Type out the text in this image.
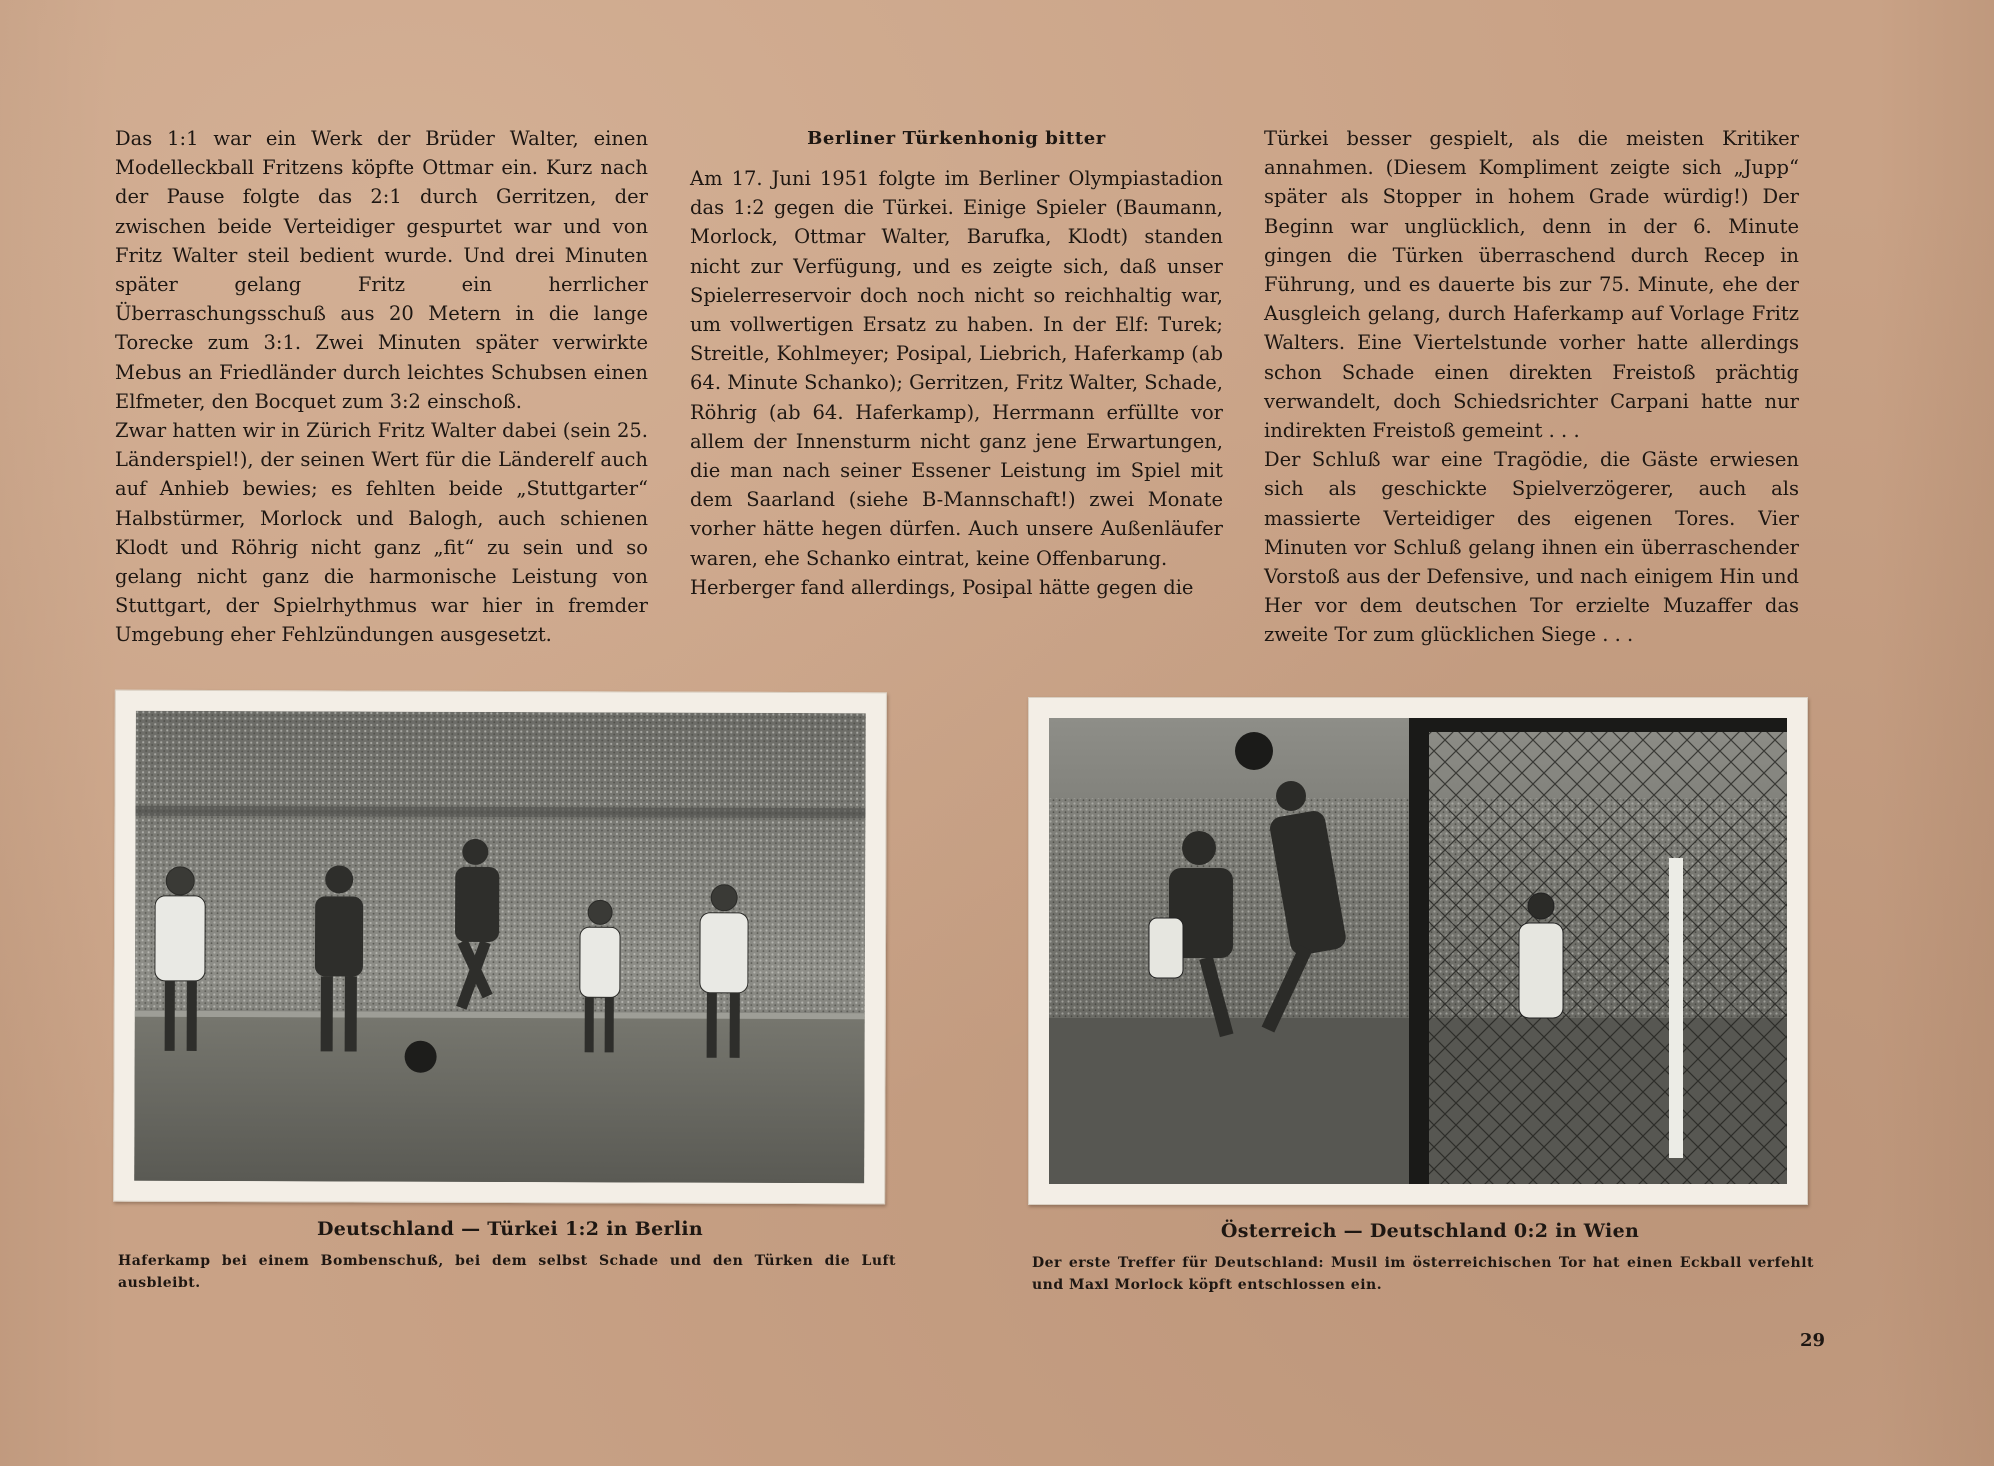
Das 1:1 war ein Werk der Brüder Walter, einen Modelleckball Fritzens köpfte Ottmar ein. Kurz nach der Pause folgte das 2:1 durch Gerritzen, der zwischen beide Verteidiger gespurtet war und von Fritz Walter steil bedient wurde. Und drei Minuten später gelang Fritz ein herrlicher Überraschungsschuß aus 20 Metern in die lange Torecke zum 3:1. Zwei Minuten später verwirkte Mebus an Friedländer durch leichtes Schubsen einen Elfmeter, den Bocquet zum 3:2 einschoß.

Zwar hatten wir in Zürich Fritz Walter dabei (sein 25. Länderspiel!), der seinen Wert für die Länderelf auch auf Anhieb bewies; es fehlten beide „Stuttgarter“ Halbstürmer, Morlock und Balogh, auch schienen Klodt und Röhrig nicht ganz „fit“ zu sein und so gelang nicht ganz die harmonische Leistung von Stuttgart, der Spielrhythmus war hier in fremder Umgebung eher Fehlzündungen ausgesetzt.

Berliner Türkenhonig bitter

Am 17. Juni 1951 folgte im Berliner Olympiastadion das 1:2 gegen die Türkei. Einige Spieler (Baumann, Morlock, Ottmar Walter, Barufka, Klodt) standen nicht zur Verfügung, und es zeigte sich, daß unser Spielerreservoir doch noch nicht so reichhaltig war, um vollwertigen Ersatz zu haben. In der Elf: Turek; Streitle, Kohlmeyer; Posipal, Liebrich, Haferkamp (ab 64. Minute Schanko); Gerritzen, Fritz Walter, Schade, Röhrig (ab 64. Haferkamp), Herrmann erfüllte vor allem der Innensturm nicht ganz jene Erwartungen, die man nach seiner Essener Leistung im Spiel mit dem Saarland (siehe B-Mannschaft!) zwei Monate vorher hätte hegen dürfen. Auch unsere Außenläufer waren, ehe Schanko eintrat, keine Offenbarung.

Herberger fand allerdings, Posipal hätte gegen die

Türkei besser gespielt, als die meisten Kritiker annahmen. (Diesem Kompliment zeigte sich „Jupp“ später als Stopper in hohem Grade würdig!) Der Beginn war unglücklich, denn in der 6. Minute gingen die Türken überraschend durch Recep in Führung, und es dauerte bis zur 75. Minute, ehe der Ausgleich gelang, durch Haferkamp auf Vorlage Fritz Walters. Eine Viertelstunde vorher hatte allerdings schon Schade einen direkten Freistoß prächtig verwandelt, doch Schiedsrichter Carpani hatte nur indirekten Freistoß gemeint . . .

Der Schluß war eine Tragödie, die Gäste erwiesen sich als geschickte Spielverzögerer, auch als massierte Verteidiger des eigenen Tores. Vier Minuten vor Schluß gelang ihnen ein überraschender Vorstoß aus der Defensive, und nach einigem Hin und Her vor dem deutschen Tor erzielte Muzaffer das zweite Tor zum glücklichen Siege . . .

Deutschland — Türkei 1:2 in Berlin
Haferkamp bei einem Bombenschuß, bei dem selbst Schade und den Türken die Luft ausbleibt.
Österreich — Deutschland 0:2 in Wien
Der erste Treffer für Deutschland: Musil im österreichischen Tor hat einen Eckball verfehlt und Maxl Morlock köpft entschlossen ein.
29
